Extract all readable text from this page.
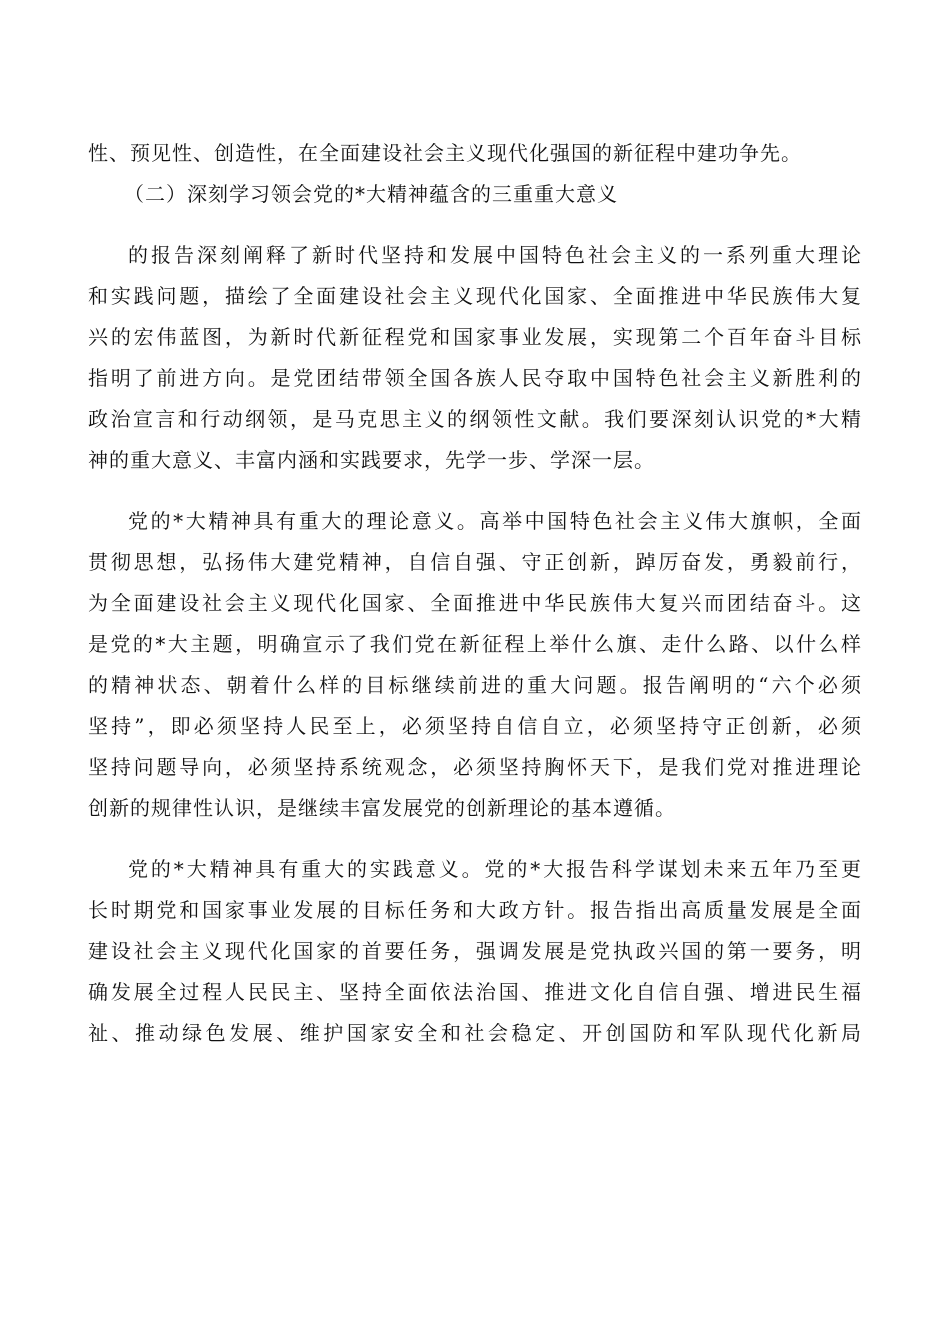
性、预见性、创造性，在全面建设社会主义现代化强国的新征程中建功争先。
（二）深刻学习领会党的*大精神蕴含的三重重大意义
的报告深刻阐释了新时代坚持和发展中国特色社会主义的一系列重大理论
和实践问题，描绘了全面建设社会主义现代化国家、全面推进中华民族伟大复
兴的宏伟蓝图，为新时代新征程党和国家事业发展，实现第二个百年奋斗目标
指明了前进方向。是党团结带领全国各族人民夺取中国特色社会主义新胜利的
政治宣言和行动纲领，是马克思主义的纲领性文献。我们要深刻认识党的*大精
神的重大意义、丰富内涵和实践要求，先学一步、学深一层。
党的*大精神具有重大的理论意义。高举中国特色社会主义伟大旗帜，全面
贯彻思想，弘扬伟大建党精神，自信自强、守正创新，踔厉奋发，勇毅前行，
为全面建设社会主义现代化国家、全面推进中华民族伟大复兴而团结奋斗。这
是党的*大主题，明确宣示了我们党在新征程上举什么旗、走什么路、以什么样
的精神状态、朝着什么样的目标继续前进的重大问题。报告阐明的“六个必须
坚持”，即必须坚持人民至上，必须坚持自信自立，必须坚持守正创新，必须
坚持问题导向，必须坚持系统观念，必须坚持胸怀天下，是我们党对推进理论
创新的规律性认识，是继续丰富发展党的创新理论的基本遵循。
党的*大精神具有重大的实践意义。党的*大报告科学谋划未来五年乃至更
长时期党和国家事业发展的目标任务和大政方针。报告指出高质量发展是全面
建设社会主义现代化国家的首要任务，强调发展是党执政兴国的第一要务，明
确发展全过程人民民主、坚持全面依法治国、推进文化自信自强、增进民生福
祉、推动绿色发展、维护国家安全和社会稳定、开创国防和军队现代化新局
